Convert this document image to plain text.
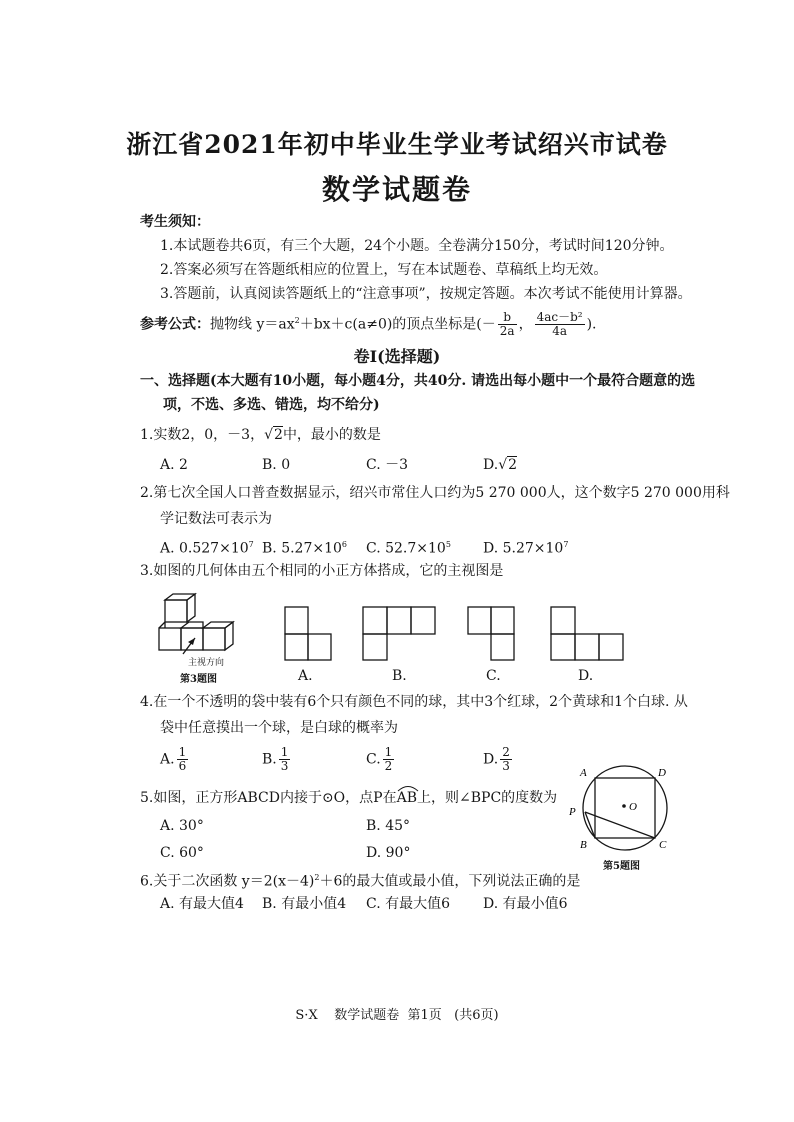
浙江省2021年初中毕业生学业考试绍兴市试卷
数学试题卷
考生须知：
1.本试题卷共6页，有三个大题，24个小题。全卷满分150分，考试时间120分钟。
2.答案必须写在答题纸相应的位置上，写在本试题卷、草稿纸上均无效。
3.答题前，认真阅读答题纸上的“注意事项”，按规定答题。本次考试不能使用计算器。
参考公式：抛物线 $y=ax^2+bx+c(a\ne 0)$的顶点坐标是(－ $\frac{b}{2a}$ ， $\frac{\text{4ac－b²}}{4a}$ ).
卷Ⅰ(选择题)
一、选择题(本大题有10小题，每小题4分，共40分. 请选出每小题中一个最符合题意的选
项，不选、多选、错选，均不给分)
1.实数2，0，－3，√2中，最小的数是
A. 2	B. 0	C. －3	D.√2
2.第七次全国人口普查数据显示，绍兴市常住人口约为5 270 000人，这个数字5 270 000用科
学记数法可表示为
A. $0.527\times 10^7$ B. $5.27\times 10^6$ C. $52.7\times 10^5$ D. $5.27\times 10^7$
3.如图的几何体由五个相同的小正方体搭成，它的主视图是
主视方向
第3题图	A.	B.	C.	D.
4.在一个不透明的袋中装有6个只有颜色不同的球，其中3个红球，2个黄球和1个白球. 从
袋中任意摸出一个球，是白球的概率为
A. $\frac{1}{6}$	B. $\frac{1}{3}$	C. $\frac{1}{2}$	D. $\frac{2}{3}$
5.如图，正方形ABCD内接于⊙O，点P在
AB上，则∠BPC的度数为
A. 30°	B. 45°
C. 60°	D. 90°
O
A	D
B	C
P
第5题图
6.关于二次函数 $y=2(x-4)^2+6$的最大值或最小值，下列说法正确的是
A. 有最大值4 B. 有最小值4 C. 有最大值6 D. 有最小值6
S·X    数学试题卷  第1页   (共6页)
